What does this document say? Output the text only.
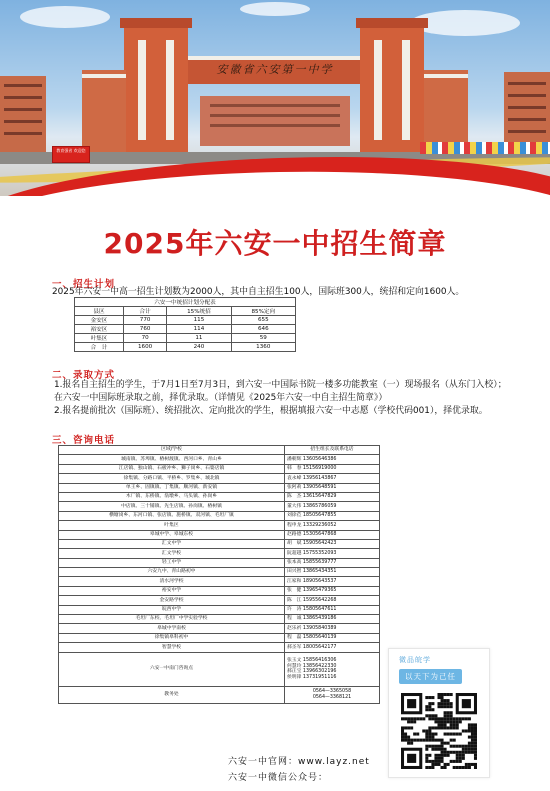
安徽省六安第一中学
教育强省 欢迎您
2025年六安一中招生简章
一、招生计划
2025年六安一中高一招生计划数为2000人，其中自主招生100人，国际班300人，统招和定向1600人。
六安一中统招计划分配表			
县区	合计	15%统招	85%定向
金安区	770	115	655
裕安区	760	114	646
叶集区	70	11	59
合　计	1600	240	1360
二、录取方式
1.报名自主招生的学生，于7月1日至7月3日，到六安一中国际书院一楼多功能教室（一）现场报名（从东门入校）；在六安一中国际班录取之前，择优录取。（详情见《2025年六安一中自主招生简章》）
2.报名提前批次（国际班）、统招批次、定向批次的学生，根据填报六安一中志愿（学校代码001），择优录取。
三、咨询电话
区域/学校	招生组长及联系电话
城南镇、苏埠镇、椿树渡镇、西河口乡、青山乡	潘朝辉 13605646386
江店镇、独山镇、石板冲乡、狮子岗乡、石婆店镇	韩　春 15156919000
徐集镇、分路口镇、平桥乡、罗集乡、城北镇	袁永峰 13956143867
单王乡、固镇镇、丁集镇、顺河镇、新安镇	张阿莉 13905648591
木厂镇、东桥镇、翁墩乡、马头镇、孙岗乡	陈　杰 13615647829
中店镇、三十铺镇、先生店镇、孙岗镇、椿树镇	董大伟 13865786059
横塘岗乡、东河口镇、张店镇、施桥镇、双河镇、毛坦厂镇	刘徐莅 18505647855
叶集区	程申龙 13329236052
皋城中学、皋城东校	赵路德 15305647868
汇文中学	胡　斌 15905642423
汇文学校	阮超越 15755352093
轻工中学	张本高 15855639777
六安九中、青山路初中	田兴智 13865434351
清水河学校	江家和 18905643537
裕安中学	张　健 13965479365
金安路学校	陈　江 15955642268
皖西中学	许　涛 15805647611
毛坦厂东校、毛坦厂中学实验学校	程　诚 13865439186
皋城中学南校	赵乐祈 13905840389
徐集镇皋科初中	程　磊 15805640139
智慧学校	郝圣军 18005642177
六安一中南门咨询点	张玉文 15856416306
何慧玲 13856422330
郝正宝 13966302196
侯明锋 13731951116

教务处	0564—3365058
0564—3368121
六安一中官网：www.layz.net
六安一中微信公众号：
微品皖学
以天下为己任
